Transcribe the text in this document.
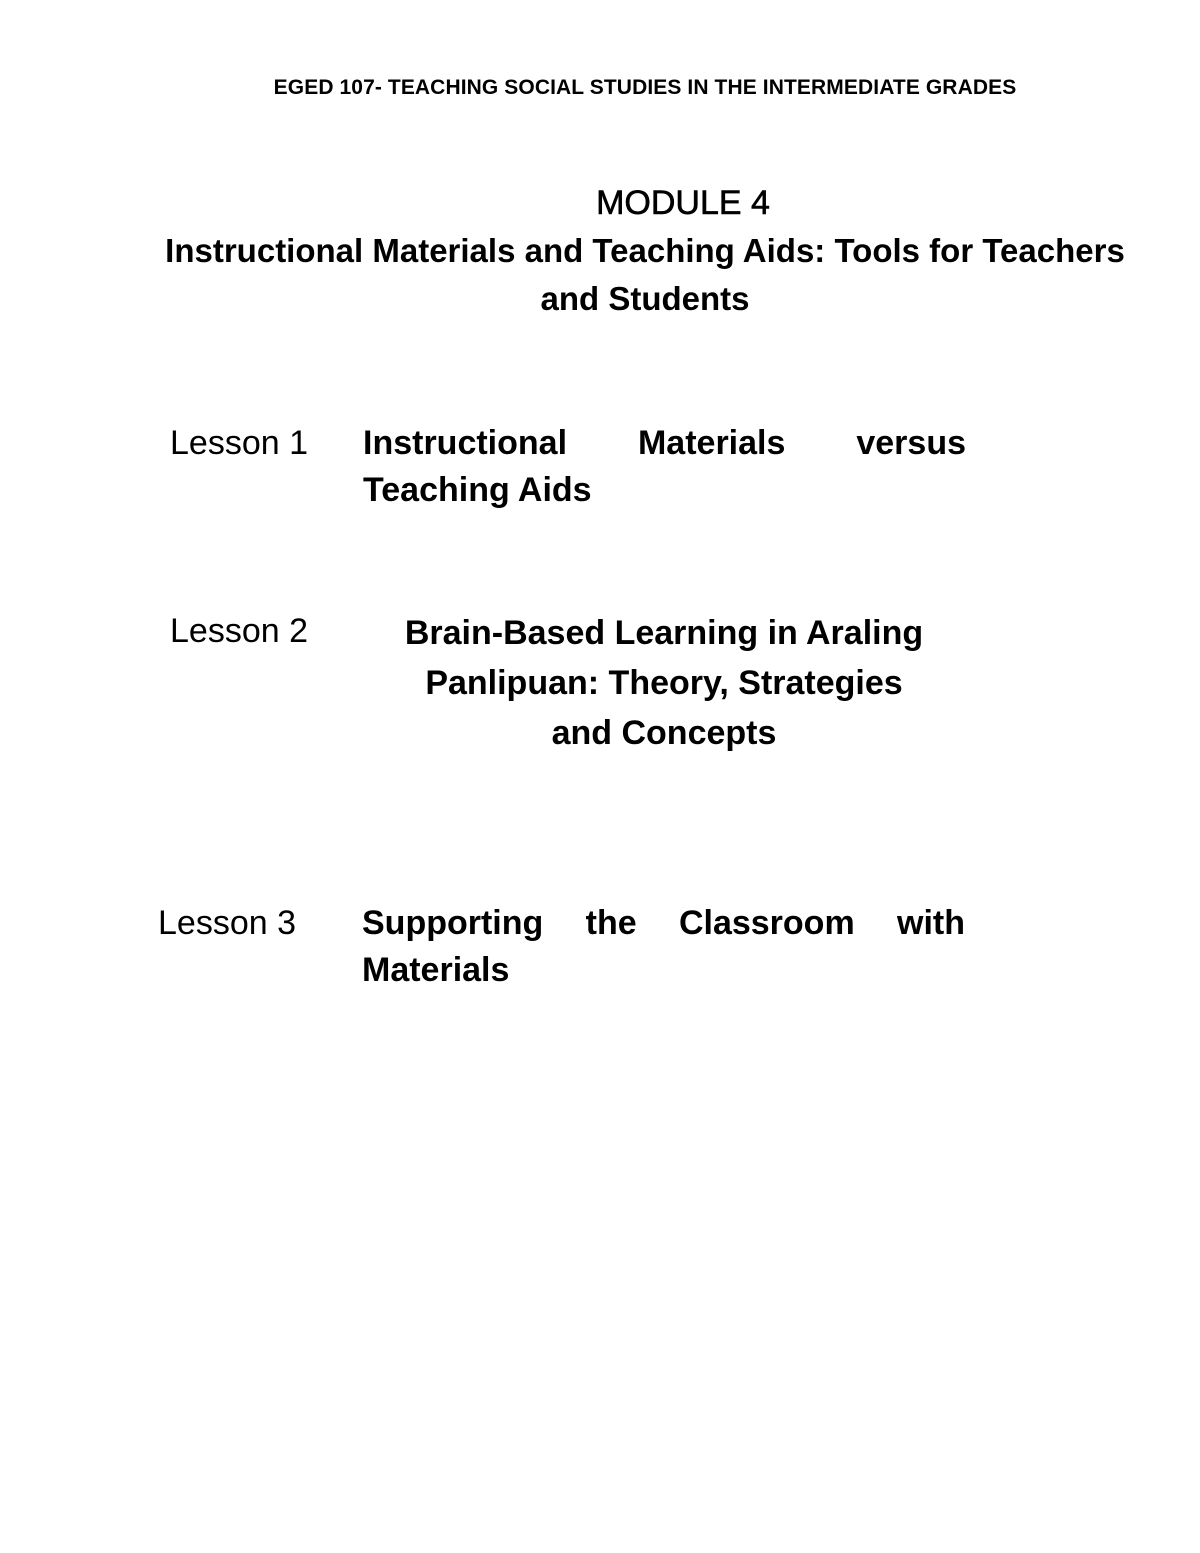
EGED 107- TEACHING SOCIAL STUDIES IN THE INTERMEDIATE GRADES
MODULE 4
Instructional Materials and Teaching Aids: Tools for Teachers and Students
Lesson 1 Instructional Materials versus
Teaching Aids
Lesson 2	Brain-Based Learning in Araling
Panlipuan: Theory, Strategies
and Concepts
Lesson 3 Supporting the Classroom with
Materials
